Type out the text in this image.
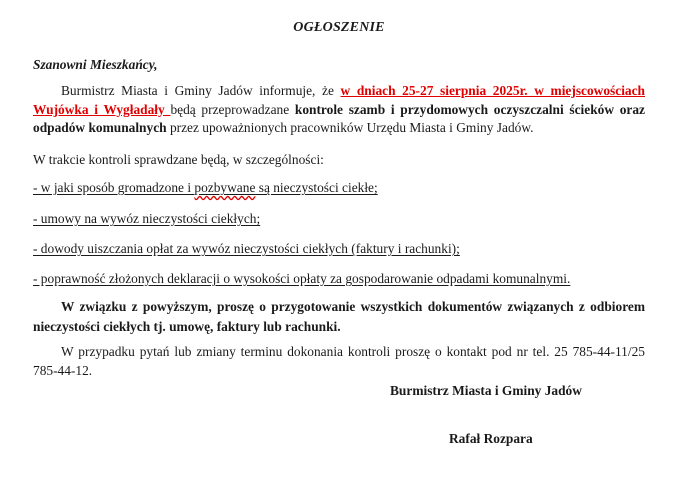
OGŁOSZENIE
Szanowni Mieszkańcy,
Burmistrz Miasta i Gminy Jadów informuje, że w dniach 25-27 sierpnia 2025r. w miejscowościach Wujówka i Wygładały będą przeprowadzane kontrole szamb i przydomowych oczyszczalni ścieków oraz odpadów komunalnych przez upoważnionych pracowników Urzędu Miasta i Gminy Jadów.
W trakcie kontroli sprawdzane będą, w szczególności:
- w jaki sposób gromadzone i pozbywane są nieczystości ciekłe;
- umowy na wywóz nieczystości ciekłych;
- dowody uiszczania opłat za wywóz nieczystości ciekłych (faktury i rachunki);
- poprawność złożonych deklaracji o wysokości opłaty za gospodarowanie odpadami komunalnymi.
W związku z powyższym, proszę o przygotowanie wszystkich dokumentów związanych z odbiorem nieczystości ciekłych tj. umowę, faktury lub rachunki.
W przypadku pytań lub zmiany terminu dokonania kontroli proszę o kontakt pod nr tel. 25 785-44-11/25 785-44-12.
Burmistrz Miasta i Gminy Jadów
Rafał Rozpara
